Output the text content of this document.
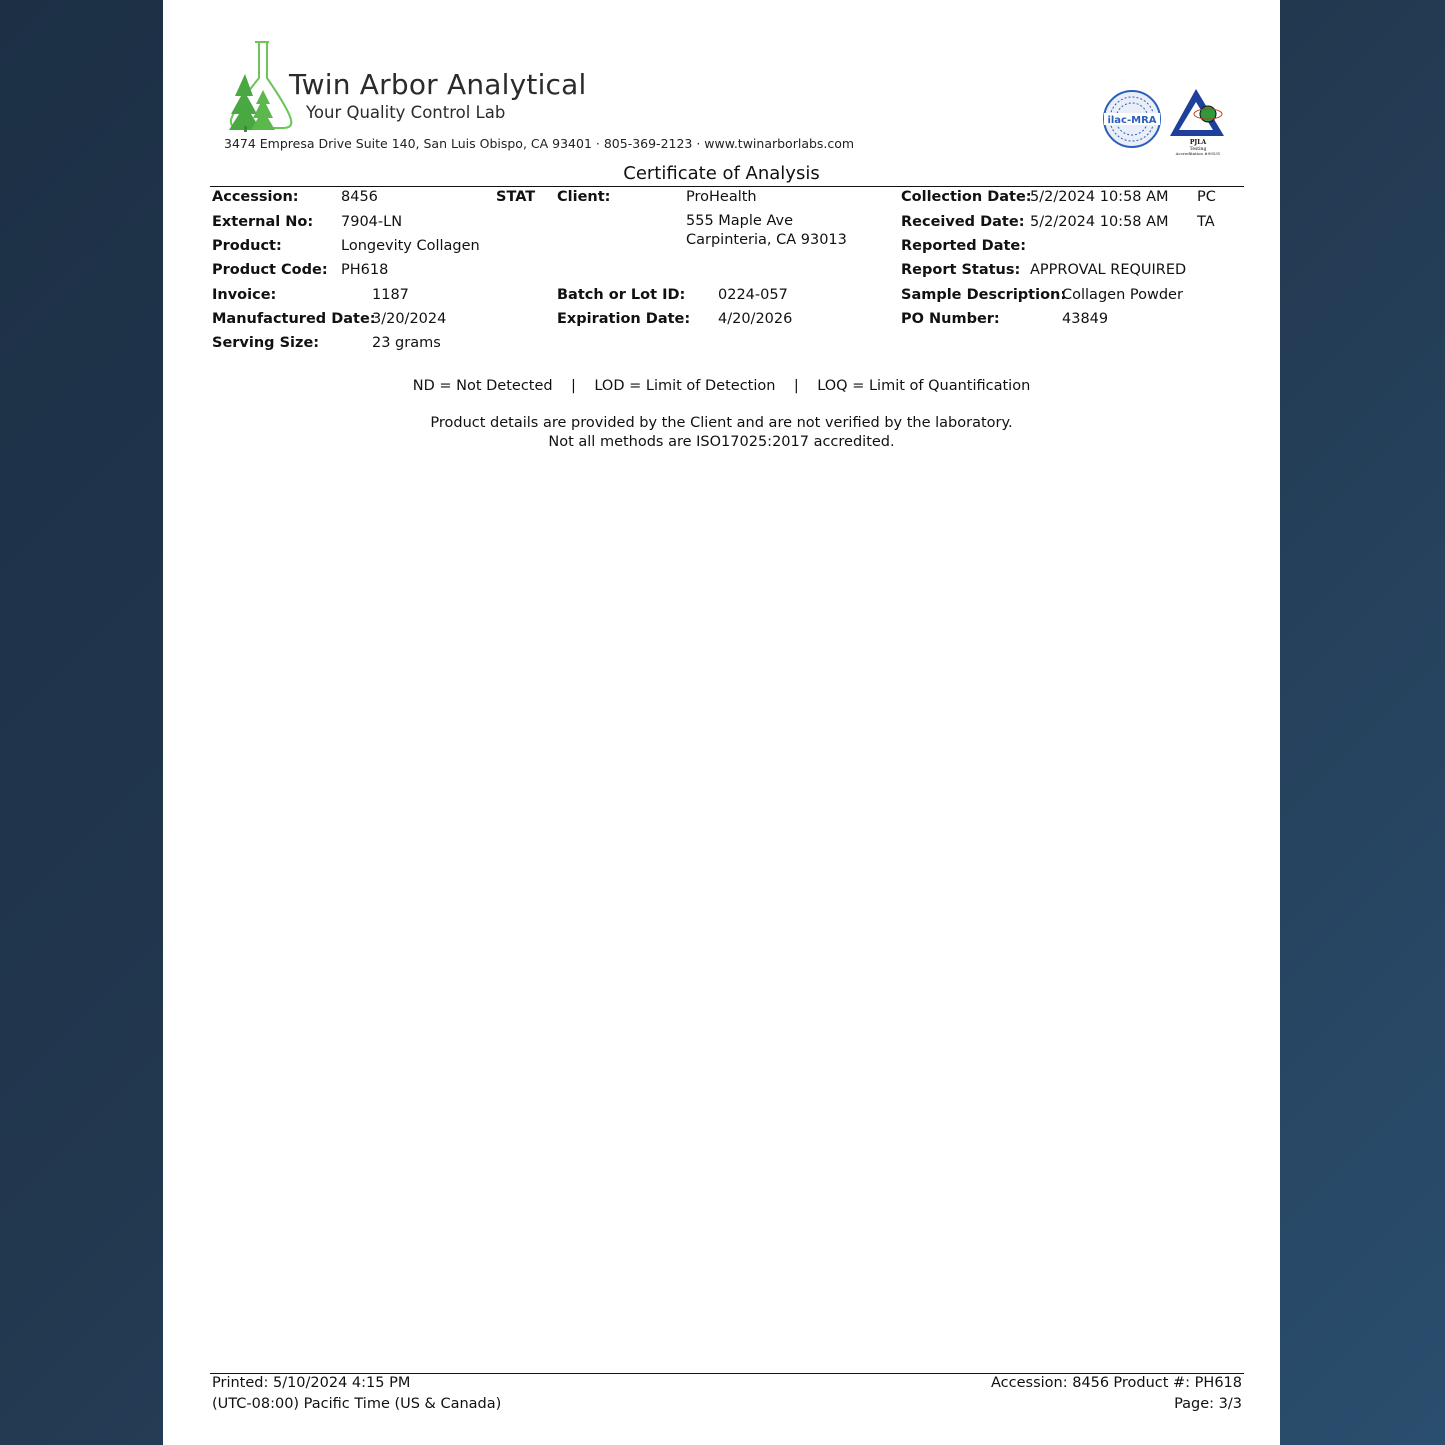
Twin Arbor Analytical
Your Quality Control Lab
3474 Empresa Drive Suite 140, San Luis Obispo, CA 93401 · 805-369-2123 · www.twinarborlabs.com
ilac-MRA
PJLA
Testing
Accreditation #99531
Certificate of Analysis
Accession:	8456	STAT
External No: 7904-LN
Product:	Longevity Collagen
Product Code: PH618
Invoice:	1187
Manufactured Date:
3/20/2024
Serving Size:	23 grams
Client:	ProHealth
555 Maple Ave
Carpinteria, CA 93013
Batch or Lot ID: 0224-057
Expiration Date: 4/20/2026
Collection Date:
5/2/2024 10:58 AM PC
Received Date: 5/2/2024 10:58 AM TA
Reported Date:
Report Status: APPROVAL REQUIRED
Sample Description:
Collagen Powder
PO Number:	43849
ND = Not Detected    |    LOD = Limit of Detection    |    LOQ = Limit of Quantification
Product details are provided by the Client and are not verified by the laboratory.
Not all methods are ISO17025:2017 accredited.
Printed: 5/10/2024 4:15 PM
(UTC-08:00) Pacific Time (US & Canada)
Accession: 8456 Product #: PH618
Page: 3/3
